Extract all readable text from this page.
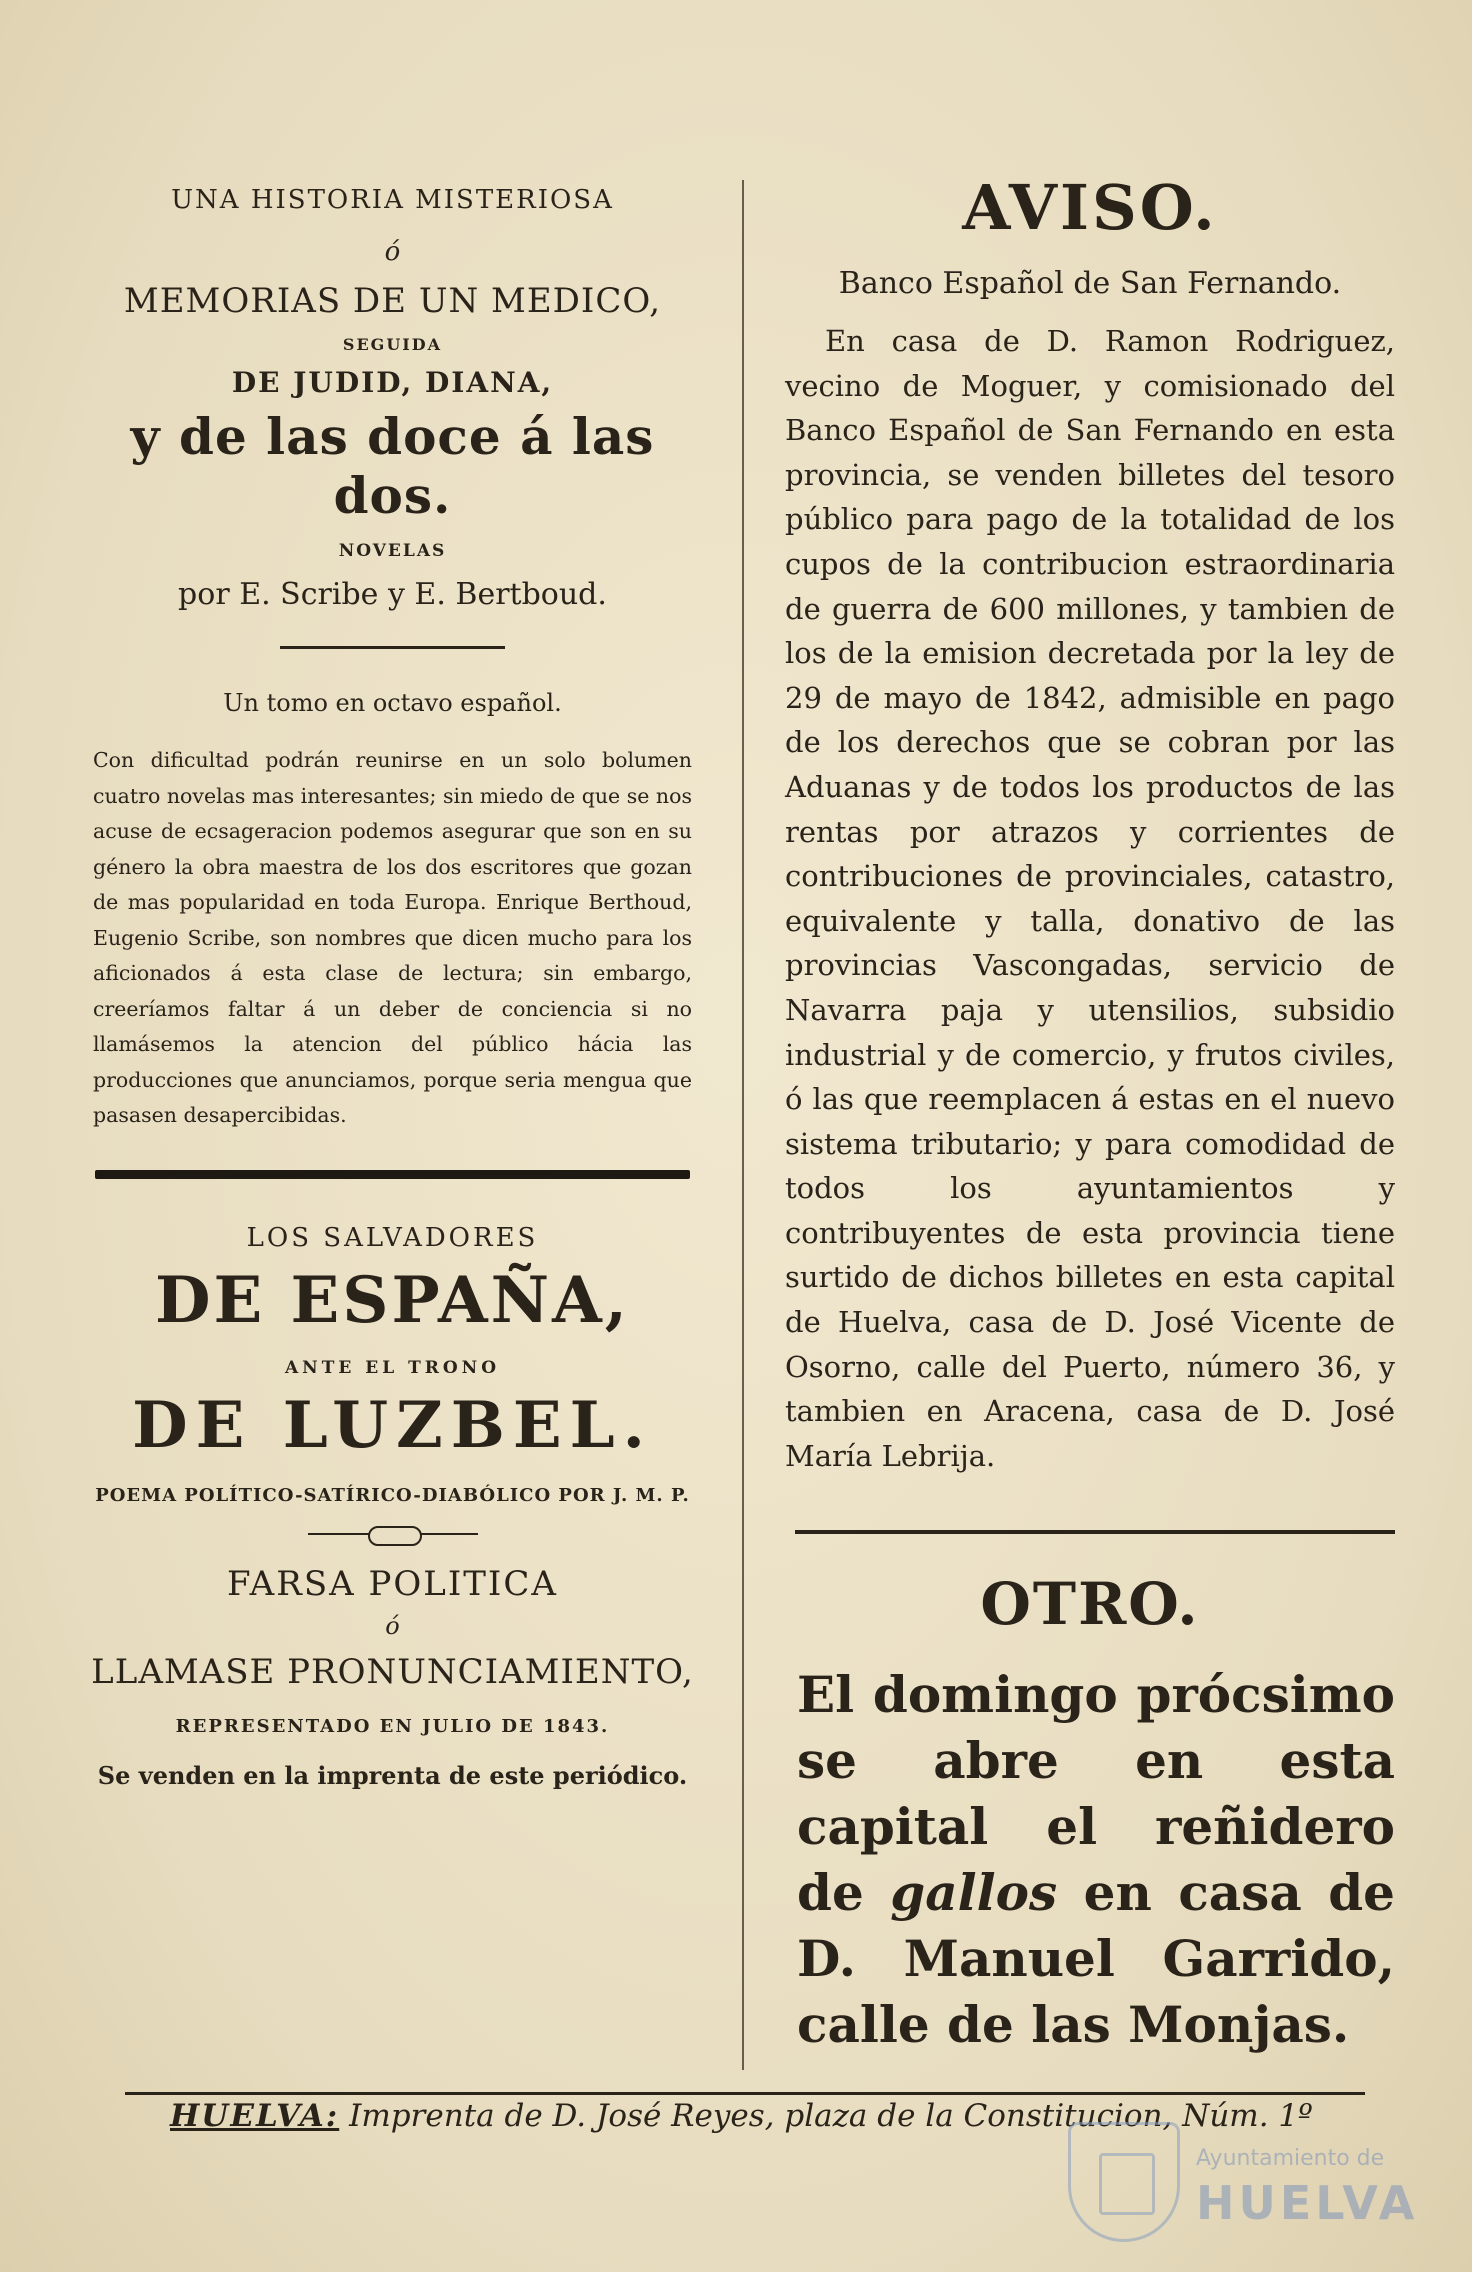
UNA HISTORIA MISTERIOSA
ó
MEMORIAS DE UN MEDICO,
SEGUIDA
DE JUDID, DIANA,
y de las doce á las dos.
NOVELAS
por E. Scribe y E. Bertboud.
Un tomo en octavo español.
Con dificultad podrán reunirse en un solo bolumen cuatro novelas mas interesantes; sin miedo de que se nos acuse de ecsageracion podemos asegurar que son en su género la obra maestra de los dos escritores que gozan de mas popularidad en toda Europa. Enrique Berthoud, Eugenio Scribe, son nombres que dicen mucho para los aficionados á esta clase de lectura; sin embargo, creeríamos faltar á un deber de conciencia si no llamásemos la atencion del público hácia las producciones que anunciamos, porque seria mengua que pasasen desapercibidas.
LOS SALVADORES
DE ESPAÑA,
ANTE EL TRONO
DE LUZBEL.
POEMA POLÍTICO-SATÍRICO-DIABÓLICO POR J. M. P.
FARSA POLITICA
ó
LLAMASE PRONUNCIAMIENTO,
REPRESENTADO EN JULIO DE 1843.
Se venden en la imprenta de este periódico.
AVISO.
Banco Español de San Fernando.
En casa de D. Ramon Rodriguez, vecino de Moguer, y comisionado del Banco Español de San Fernando en esta provincia, se venden billetes del tesoro público para pago de la totalidad de los cupos de la contribucion estraordinaria de guerra de 600 millones, y tambien de los de la emision decretada por la ley de 29 de mayo de 1842, admisible en pago de los derechos que se cobran por las Aduanas y de todos los productos de las rentas por atrazos y corrientes de contribuciones de provinciales, catastro, equivalente y talla, donativo de las provincias Vascongadas, servicio de Navarra paja y utensilios, subsidio industrial y de comercio, y frutos civiles, ó las que reemplacen á estas en el nuevo sistema tributario; y para comodidad de todos los ayuntamientos y contribuyentes de esta provincia tiene surtido de dichos billetes en esta capital de Huelva, casa de D. José Vicente de Osorno, calle del Puerto, número 36, y tambien en Aracena, casa de D. José María Lebrija.
OTRO.
El domingo prócsimo se abre en esta capital el reñidero de gallos en casa de D. Manuel Garrido, calle de las Monjas.
HUELVA: Imprenta de D. José Reyes, plaza de la Constitucion, Núm. 1º
Ayuntamiento de
HUELVA
